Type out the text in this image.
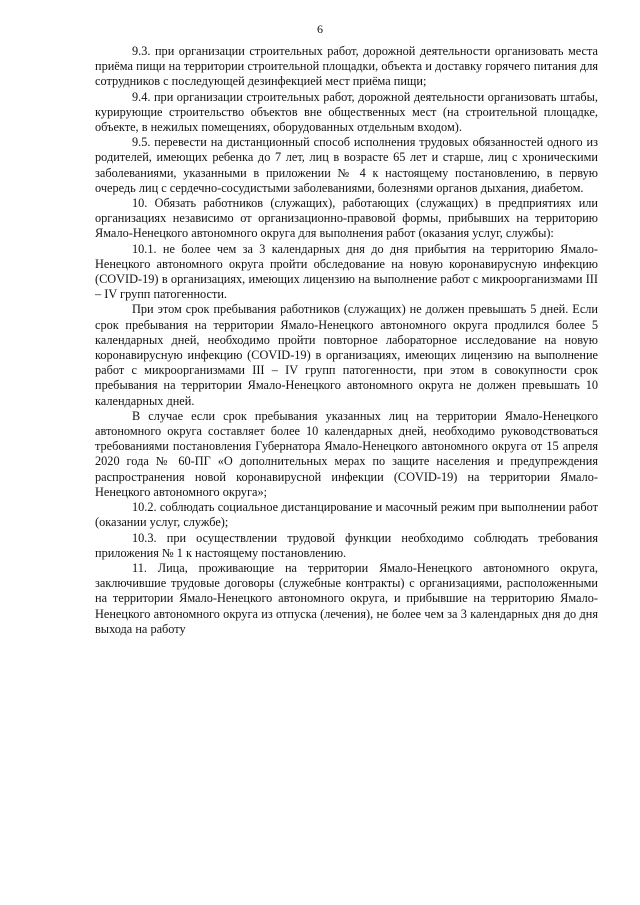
6

9.3. при организации строительных работ, дорожной деятельности организовать места приёма пищи на территории строительной площадки, объекта и доставку горячего питания для сотрудников с последующей дезинфекцией мест приёма пищи;

9.4. при организации строительных работ, дорожной деятельности организовать штабы, курирующие строительство объектов вне общественных мест (на строительной площадке, объекте, в нежилых помещениях, оборудованных отдельным входом).

9.5. перевести на дистанционный способ исполнения трудовых обязанностей одного из родителей, имеющих ребенка до 7 лет, лиц в возрасте 65 лет и старше, лиц с хроническими заболеваниями, указанными в приложении № 4 к настоящему постановлению, в первую очередь лиц с сердечно-сосудистыми заболеваниями, болезнями органов дыхания, диабетом.

10. Обязать работников (служащих), работающих (служащих) в предприятиях или организациях независимо от организационно-правовой формы, прибывших на территорию Ямало-Ненецкого автономного округа для выполнения работ (оказания услуг, службы):

10.1. не более чем за 3 календарных дня до дня прибытия на территорию Ямало-Ненецкого автономного округа пройти обследование на новую коронавирусную инфекцию (COVID-19) в организациях, имеющих лицензию на выполнение работ с микроорганизмами III – IV групп патогенности.

При этом срок пребывания работников (служащих) не должен превышать 5 дней. Если срок пребывания на территории Ямало-Ненецкого автономного округа продлился более 5 календарных дней, необходимо пройти повторное лабораторное исследование на новую коронавирусную инфекцию (COVID-19) в организациях, имеющих лицензию на выполнение работ с микроорганизмами III – IV групп патогенности, при этом в совокупности срок пребывания на территории Ямало-Ненецкого автономного округа не должен превышать 10 календарных дней.

В случае если срок пребывания указанных лиц на территории Ямало-Ненецкого автономного округа составляет более 10 календарных дней, необходимо руководствоваться требованиями постановления Губернатора Ямало-Ненецкого автономного округа от 15 апреля 2020 года № 60-ПГ «О дополнительных мерах по защите населения и предупреждения распространения новой коронавирусной инфекции (COVID-19) на территории Ямало-Ненецкого автономного округа»;

10.2. соблюдать социальное дистанцирование и масочный режим при выполнении работ (оказании услуг, службе);

10.3. при осуществлении трудовой функции необходимо соблюдать требования приложения № 1 к настоящему постановлению.

11. Лица, проживающие на территории Ямало-Ненецкого автономного округа, заключившие трудовые договоры (служебные контракты) с организациями, расположенными на территории Ямало-Ненецкого автономного округа, и прибывшие на территорию Ямало-Ненецкого автономного округа из отпуска (лечения), не более чем за 3 календарных дня до дня выхода на работу
